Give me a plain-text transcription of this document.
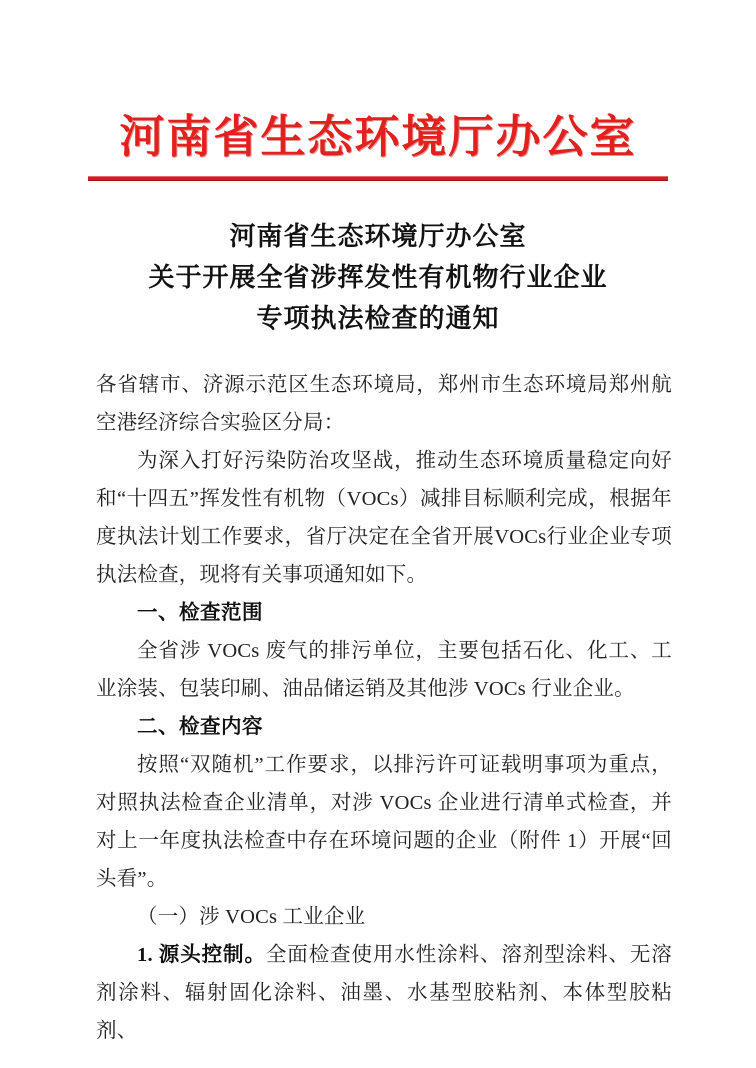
河南省生态环境厅办公室
河南省生态环境厅办公室
关于开展全省涉挥发性有机物行业企业
专项执法检查的通知

各省辖市、济源示范区生态环境局，郑州市生态环境局郑州航空港经济综合实验区分局：

为深入打好污染防治攻坚战，推动生态环境质量稳定向好和“十四五”挥发性有机物（VOCs）减排目标顺利完成，根据年度执法计划工作要求，省厅决定在全省开展VOCs行业企业专项执法检查，现将有关事项通知如下。

一、检查范围

全省涉 VOCs 废气的排污单位，主要包括石化、化工、工业涂装、包装印刷、油品储运销及其他涉 VOCs 行业企业。

二、检查内容

按照“双随机”工作要求，以排污许可证载明事项为重点，对照执法检查企业清单，对涉 VOCs 企业进行清单式检查，并对上一年度执法检查中存在环境问题的企业（附件 1）开展“回头看”。

（一）涉 VOCs 工业企业

1. 源头控制。全面检查使用水性涂料、溶剂型涂料、无溶剂涂料、辐射固化涂料、油墨、水基型胶粘剂、本体型胶粘剂、
